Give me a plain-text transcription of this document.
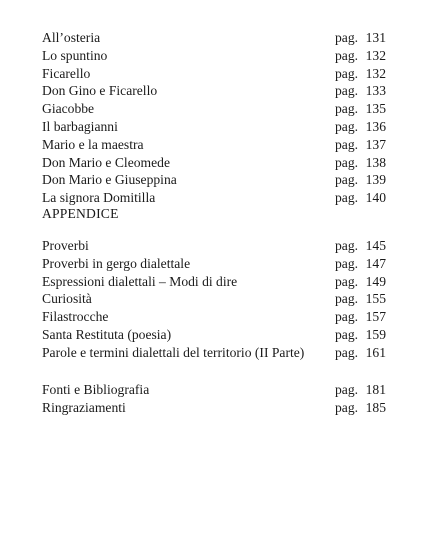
All’osteria	pag. 131
Lo spuntino	pag. 132
Ficarello	pag. 132
Don Gino e Ficarello	pag. 133
Giacobbe	pag. 135
Il barbagianni	pag. 136
Mario e la maestra	pag. 137
Don Mario e Cleomede	pag. 138
Don Mario e Giuseppina	pag. 139
La signora Domitilla	pag. 140
APPENDICE
Proverbi	pag. 145
Proverbi in gergo dialettale	pag. 147
Espressioni dialettali – Modi di dire	pag. 149
Curiosità	pag. 155
Filastrocche	pag. 157
Santa Restituta (poesia)	pag. 159
Parole e termini dialettali del territorio (II Parte) pag. 161
Fonti e Bibliografia	pag. 181
Ringraziamenti	pag. 185
